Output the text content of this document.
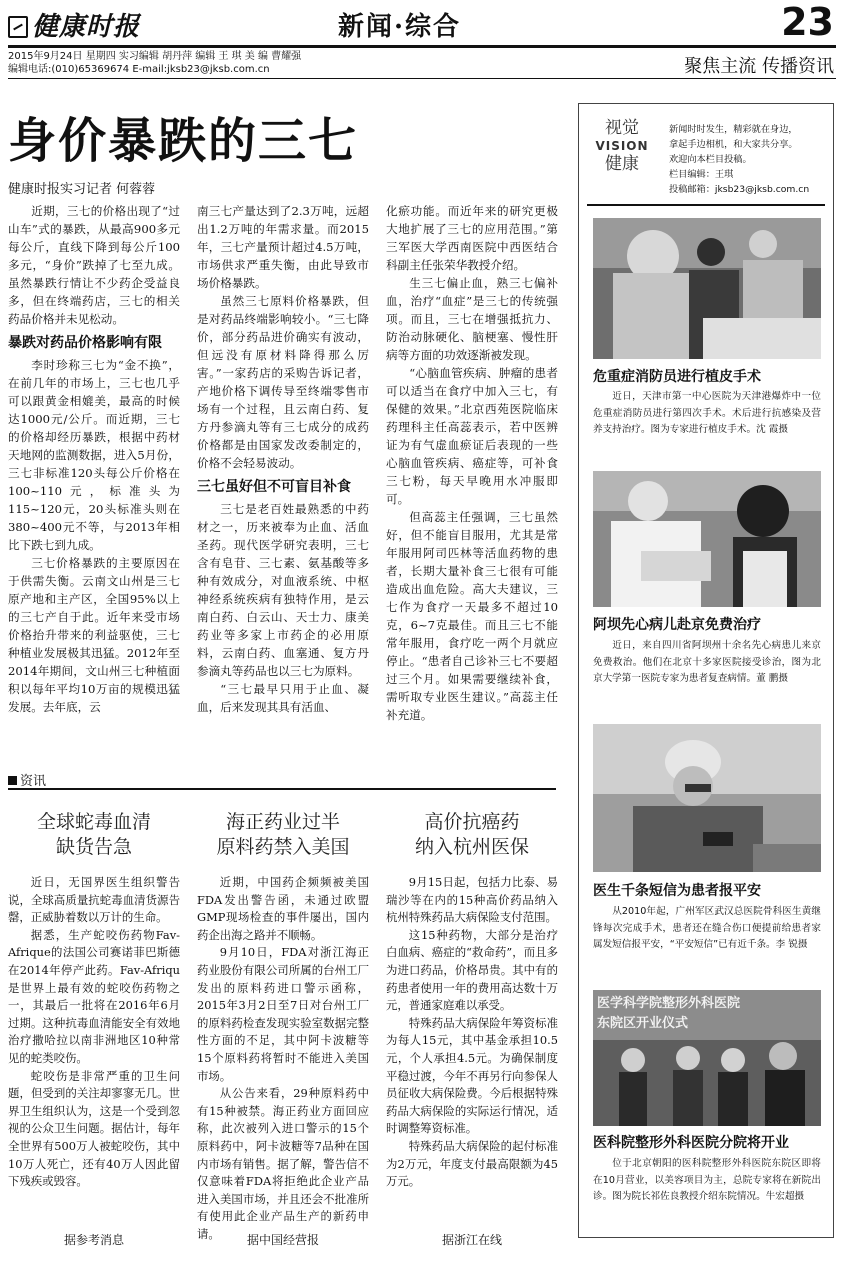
健康时报	新闻·综合	23
2015年9月24日 星期四 实习编辑 胡丹萍 编辑 王 琪 美 编 曹耀强
编辑电话:(010)65369674 E-mail:jksb23@jksb.com.cn	聚焦主流 传播资讯
身价暴跌的三七
健康时报实习记者 何蓉蓉

近期，三七的价格出现了“过山车”式的暴跌，从最高900多元每公斤，直线下降到每公斤100多元，“身价”跌掉了七至九成。虽然暴跌行情让不少药企受益良多，但在终端药店，三七的相关药品价格并未见松动。

暴跌对药品价格影响有限

李时珍称三七为“金不换”，在前几年的市场上，三七也几乎可以跟黄金相媲美，最高的时候达1000元/公斤。而近期，三七的价格却经历暴跌，根据中药材天地网的监测数据，进入5月份，三七非标准120头每公斤价格在100~110元，标准头为115~120元，20头标准头则在380~400元不等，与2013年相比下跌七到九成。

三七价格暴跌的主要原因在于供需失衡。云南文山州是三七原产地和主产区，全国95%以上的三七产自于此。近年来受市场价格抬升带来的利益驱使，三七种植业发展极其迅猛。2012年至2014年期间，文山州三七种植面积以每年平均10万亩的规模迅猛发展。去年底，云

南三七产量达到了2.3万吨，远超出1.2万吨的年需求量。而2015年，三七产量预计超过4.5万吨，市场供求严重失衡，由此导致市场价格暴跌。

虽然三七原料价格暴跌，但是对药品终端影响较小。“三七降价，部分药品进价确实有波动，但远没有原材料降得那么厉害。”一家药店的采购告诉记者，产地价格下调传导至终端零售市场有一个过程，且云南白药、复方丹参滴丸等有三七成分的成药价格都是由国家发改委制定的，价格不会轻易波动。

三七虽好但不可盲目补食

三七是老百姓最熟悉的中药材之一，历来被奉为止血、活血圣药。现代医学研究表明，三七含有皂苷、三七素、氨基酸等多种有效成分，对血液系统、中枢神经系统疾病有独特作用，是云南白药、白云山、天士力、康美药业等多家上市药企的必用原料，云南白药、血塞通、复方丹参滴丸等药品也以三七为原料。

“三七最早只用于止血、凝血，后来发现其具有活血、

化瘀功能。而近年来的研究更极大地扩展了三七的应用范围。”第三军医大学西南医院中西医结合科副主任张荣华教授介绍。

生三七偏止血，熟三七偏补血，治疗“血症”是三七的传统强项。而且，三七在增强抵抗力、防治动脉硬化、脑梗塞、慢性肝病等方面的功效逐渐被发现。

“心脑血管疾病、肿瘤的患者可以适当在食疗中加入三七，有保健的效果。”北京西苑医院临床药理科主任高蕊表示，若中医辨证为有气虚血瘀证后表现的一些心脑血管疾病、癌症等，可补食三七粉，每天早晚用水冲服即可。

但高蕊主任强调，三七虽然好，但不能盲目服用，尤其是常年服用阿司匹林等活血药物的患者，长期大量补食三七很有可能造成出血危险。高大夫建议，三七作为食疗一天最多不超过10克，6~7克最佳。而且三七不能常年服用，食疗吃一两个月就应停止。“患者自己诊补三七不要超过三个月。如果需要继续补食，需听取专业医生建议。”高蕊主任补充道。

资讯
全球蛇毒血清
缺货告急

近日，无国界医生组织警告说，全球高质量抗蛇毒血清货源告罄，正威胁着数以万计的生命。

据悉，生产蛇咬伤药物Fav-Afrique的法国公司赛诺菲巴斯德在2014年停产此药。Fav-Afriqu是世界上最有效的蛇咬伤药物之一，其最后一批将在2016年6月过期。这种抗毒血清能安全有效地治疗撒哈拉以南非洲地区10种常见的蛇类咬伤。

蛇咬伤是非常严重的卫生问题，但受到的关注却寥寥无几。世界卫生组织认为，这是一个受到忽视的公众卫生问题。据估计，每年全世界有500万人被蛇咬伤，其中10万人死亡，还有40万人因此留下残疾或毁容。

据参考消息
海正药业过半
原料药禁入美国

近期，中国药企频频被美国FDA发出警告函，未通过欧盟GMP现场检查的事件屡出，国内药企出海之路并不顺畅。

9月10日，FDA对浙江海正药业股份有限公司所属的台州工厂发出的原料药进口警示函称，2015年3月2日至7日对台州工厂的原料药检查发现实验室数据完整性方面的不足，其中阿卡波糖等15个原料药将暂时不能进入美国市场。

从公告来看，29种原料药中有15种被禁。海正药业方面回应称，此次被列入进口警示的15个原料药中，阿卡波糖等7品种在国内市场有销售。据了解，警告信不仅意味着FDA将拒绝此企业产品进入美国市场，并且还会不批准所有使用此企业产品生产的新药申请。	据中国经营报
高价抗癌药
纳入杭州医保

9月15日起，包括力比泰、易瑞沙等在内的15种高价药品纳入杭州特殊药品大病保险支付范围。

这15种药物，大部分是治疗白血病、癌症的“救命药”，而且多为进口药品，价格昂贵。其中有的药患者使用一年的费用高达数十万元，普通家庭难以承受。

特殊药品大病保险年筹资标准为每人15元，其中基金承担10.5元，个人承担4.5元。为确保制度平稳过渡，今年不再另行向参保人员征收大病保险费。今后根据特殊药品大病保险的实际运行情况，适时调整筹资标准。

特殊药品大病保险的起付标准为2万元，年度支付最高限额为45万元。

据浙江在线
视觉
VISION
健康
新闻时时发生，精彩就在身边，
拿起手边相机，和大家共分享。
欢迎向本栏目投稿。
栏目编辑：王琪
投稿邮箱：jksb23@jksb.com.cn
危重症消防员进行植皮手术

近日，天津市第一中心医院为天津港爆炸中一位危重症消防员进行第四次手术。术后进行抗感染及营养支持治疗。图为专家进行植皮手术。沈 霞摄

阿坝先心病儿赴京免费治疗

近日，来自四川省阿坝州十余名先心病患儿来京免费救治。他们在北京十多家医院接受诊治，图为北京大学第一医院专家为患者复查病情。董 鹏摄

医生千条短信为患者报平安

从2010年起，广州军区武汉总医院骨科医生黄继锋每次完成手术，患者还在缝合伤口便提前给患者家属发短信报平安，“平安短信”已有近千条。李 锐摄

医学科学院整形外科医院
东院区开业仪式
医科院整形外科医院分院将开业

位于北京朝阳的医科院整形外科医院东院区即将在10月营业，以美容项目为主，总院专家将在新院出诊。图为院长祁佐良教授介绍东院情况。牛宏超摄
